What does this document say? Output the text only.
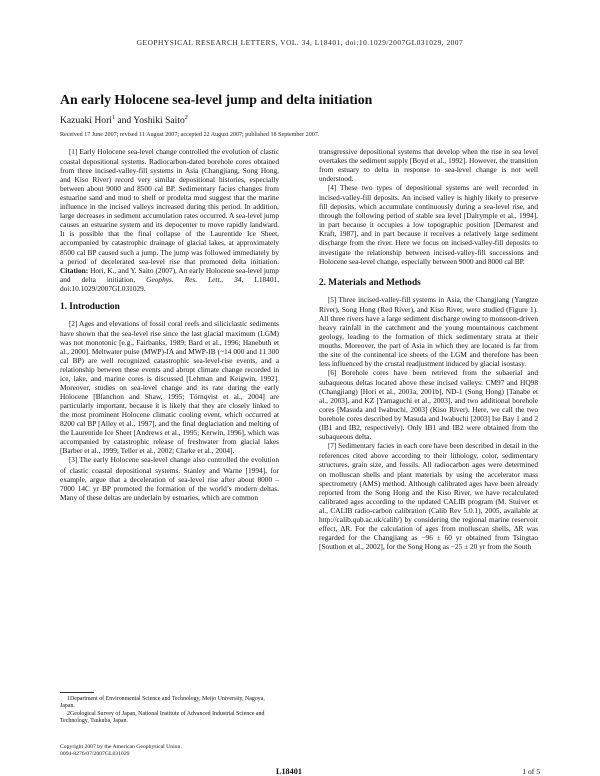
GEOPHYSICAL RESEARCH LETTERS, VOL. 34, L18401, doi:10.1029/2007GL031029, 2007
An early Holocene sea-level jump and delta initiation
Kazuaki Hori$^1$ and Yoshiki Saito$^2$
Received 17 June 2007; revised 11 August 2007; accepted 22 August 2007; published 18 September 2007.

[1] Early Holocene sea-level change controlled the evolution of clastic coastal depositional systems. Radiocarbon-dated borehole cores obtained from three incised-valley-fill systems in Asia (Changjiang, Song Hong, and Kiso River) record very similar depositional histories, especially between about 9000 and 8500 cal BP. Sedimentary facies changes from estuarine sand and mud to shelf or prodelta mud suggest that the marine influence in the incised valleys increased during this period. In addition, large decreases in sediment accumulation rates occurred. A sea-level jump causes an estuarine system and its depocenter to move rapidly landward. It is possible that the final collapse of the Laurentide Ice Sheet, accompanied by catastrophic drainage of glacial lakes, at approximately 8500 cal BP caused such a jump. The jump was followed immediately by a period of decelerated sea-level rise that promoted delta initiation. Citation: Hori, K., and Y. Saito (2007), An early Holocene sea-level jump and delta initiation, Geophys. Res. Lett., 34, L18401, doi:10.1029/2007GL031029.

1. Introduction

[2] Ages and elevations of fossil coral reefs and siliciclastic sediments have shown that the sea-level rise since the last glacial maximum (LGM) was not monotonic [e.g., Fairbanks, 1989; Bard et al., 1996; Hanebuth et al., 2000]. Meltwater pulse (MWP)-IA and MWP-IB (~14 000 and 11 300 cal BP) are well recognized catastrophic sea-level-rise events, and a relationship between these events and abrupt climate change recorded in ice, lake, and marine cores is discussed [Lehman and Keigwin, 1992]. Moreover, studies on sea-level change and its rate during the early Holocene [Blanchon and Shaw, 1995; Törnqvist et al., 2004] are particularly important, because it is likely that they are closely linked to the most prominent Holocene climatic cooling event, which occurred at 8200 cal BP [Alley et al., 1997], and the final deglaciation and melting of the Laurentide Ice Sheet [Andrews et al., 1995; Kerwin, 1996], which was accompanied by catastrophic release of freshwater from glacial lakes [Barber et al., 1999; Teller et al., 2002; Clarke et al., 2004].

[3] The early Holocene sea-level change also controlled the evolution of clastic coastal depositional systems. Stanley and Warne [1994], for example, argue that a deceleration of sea-level rise after about 8000 – 7000 14C yr BP promoted the formation of the world’s modern deltas. Many of these deltas are underlain by estuaries, which are common

transgressive depositional systems that develop when the rise in sea level overtakes the sediment supply [Boyd et al., 1992]. However, the transition from estuary to delta in response to sea-level change is not well understood.

[4] These two types of depositional systems are well recorded in incised-valley-fill deposits. An incised valley is highly likely to preserve fill deposits, which accumulate continuously during a sea-level rise, and through the following period of stable sea level [Dalrymple et al., 1994], in part because it occupies a low topographic position [Demarest and Kraft, 1987], and in part because it receives a relatively large sediment discharge from the river. Here we focus on incised-valley-fill deposits to investigate the relationship between incised-valley-fill successions and Holocene sea-level change, especially between 9000 and 8000 cal BP.

2. Materials and Methods

[5] Three incised-valley-fill systems in Asia, the Changjiang (Yangtze River), Song Hong (Red River), and Kiso River, were studied (Figure 1). All three rivers have a large sediment discharge owing to monsoon-driven heavy rainfall in the catchment and the young mountainous catchment geology, leading to the formation of thick sedimentary strata at their mouths. Moreover, the part of Asia in which they are located is far from the site of the continental ice sheets of the LGM and therefore has been less influenced by the crustal readjustment induced by glacial isostasy.

[6] Borehole cores have been retrieved from the subaerial and subaqueous deltas located above these incised valleys: CM97 and HQ98 (Changjiang) [Hori et al., 2001a, 2001b], ND-1 (Song Hong) [Tanabe et al., 2003], and KZ [Yamaguchi et al., 2003], and two additional borehole cores [Masuda and Iwabuchi, 2003] (Kiso River). Here, we call the two borehole cores described by Masuda and Iwabuchi [2003] Ise Bay 1 and 2 (IB1 and IB2, respectively). Only IB1 and IB2 were obtained from the subaqueous delta.

[7] Sedimentary facies in each core have been described in detail in the references cited above according to their lithology, color, sedimentary structures, grain size, and fossils. All radiocarbon ages were determined on molluscan shells and plant materials by using the accelerator mass spectrometry (AMS) method. Although calibrated ages have been already reported from the Song Hong and the Kiso River, we have recalculated calibrated ages according to the updated CALIB program (M. Stuiver et al., CALIB radio-carbon calibration (Calib Rev 5.0.1), 2005, available at http://calib.qub.ac.uk/calib/) by considering the regional marine reservoir effect, ΔR. For the calculation of ages from molluscan shells, ΔR was regarded for the Changjiang as −96 ± 60 yr obtained from Tsingtao [Southon et al., 2002], for the Song Hong as −25 ± 20 yr from the South

1Department of Environmental Science and Technology, Meijo University, Nagoya, Japan.

2Geological Survey of Japan, National Institute of Advanced Industrial Science and Technology, Tsukuba, Japan.

Copyright 2007 by the American Geophysical Union.
0094-8276/07/2007GL031029
L18401	1 of 5
